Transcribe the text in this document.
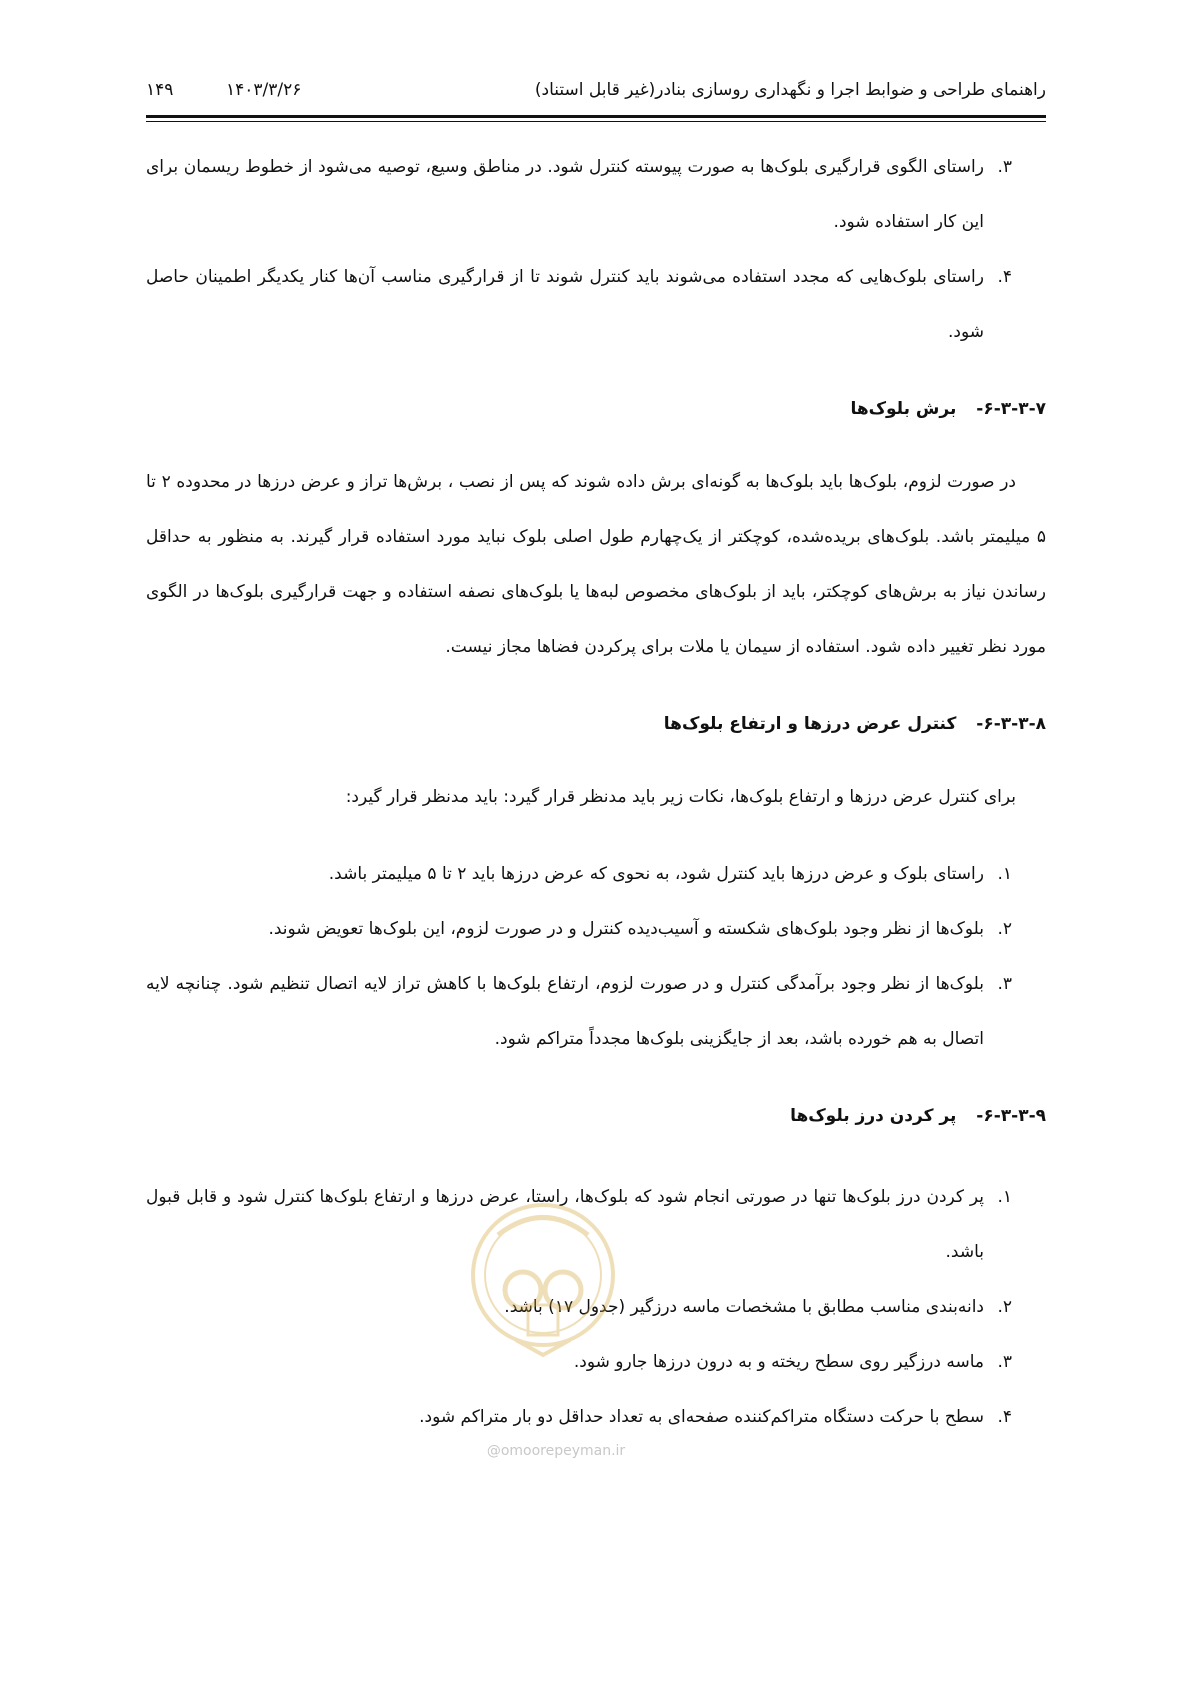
راهنمای طراحی و ضوابط اجرا و نگهداری روسازی بنادر(غیر قابل استناد)
۱۴۰۳/۳/۲۶
۱۴۹
۳.
راستای الگوی قرارگیری بلوک‌ها به صورت پیوسته کنترل شود. در مناطق وسیع، توصیه می‌شود از خطوط ریسمان برای این کار استفاده شود.
۴.
راستای بلوک‌هایی که مجدد استفاده می‌شوند باید کنترل شوند تا از قرارگیری مناسب آن‌ها کنار یکدیگر اطمینان حاصل شود.
۶-۳-۳-۷- برش بلوک‌ها
در صورت لزوم، بلوک‌ها باید بلوک‌ها به گونه‌ای برش داده شوند که پس از نصب ، برش‌ها تراز و عرض درزها در محدوده ۲ تا ۵ میلیمتر باشد. بلوک‌های بریده‌شده، کوچکتر از یک‌چهارم طول اصلی بلوک نباید مورد استفاده قرار گیرند. به منظور به حداقل رساندن نیاز به برش‌های کوچکتر، باید از بلوک‌های مخصوص لبه‌ها یا بلوک‌های نصفه استفاده و جهت قرارگیری بلوک‌ها در الگوی مورد نظر تغییر داده شود. استفاده از سیمان یا ملات برای پرکردن فضاها مجاز نیست.
۶-۳-۳-۸- کنترل عرض درزها و ارتفاع بلوک‌ها
برای کنترل عرض درزها و ارتفاع بلوک‌ها، نکات زیر باید مدنظر قرار گیرد: باید مدنظر قرار گیرد:
۱.
راستای بلوک و عرض درزها باید کنترل شود، به نحوی که عرض درزها باید ۲ تا ۵ میلیمتر باشد.
۲.
بلوک‌ها از نظر وجود بلوک‌های شکسته و آسیب‌دیده کنترل و در صورت لزوم، این بلوک‌ها تعویض شوند.
۳.
بلوک‌ها از نظر وجود برآمدگی کنترل و در صورت لزوم، ارتفاع بلوک‌ها با کاهش تراز لایه اتصال تنظیم شود. چنانچه لایه اتصال به هم خورده باشد، بعد از جایگزینی بلوک‌ها مجدداً متراکم شود.
۶-۳-۳-۹- پر کردن درز بلوک‌ها
۱.
پر کردن درز بلوک‌ها تنها در صورتی انجام شود که بلوک‌ها، راستا، عرض درزها و ارتفاع بلوک‌ها کنترل شود و قابل قبول باشد.
۲.
دانه‌بندی مناسب مطابق با مشخصات ماسه درزگیر (جدول ۱۷) باشد.
۳.
ماسه درزگیر روی سطح ریخته و به درون درزها جارو شود.
۴.
سطح با حرکت دستگاه متراکم‌کننده صفحه‌ای به تعداد حداقل دو بار متراکم شود.
@omoorepeyman.ir
